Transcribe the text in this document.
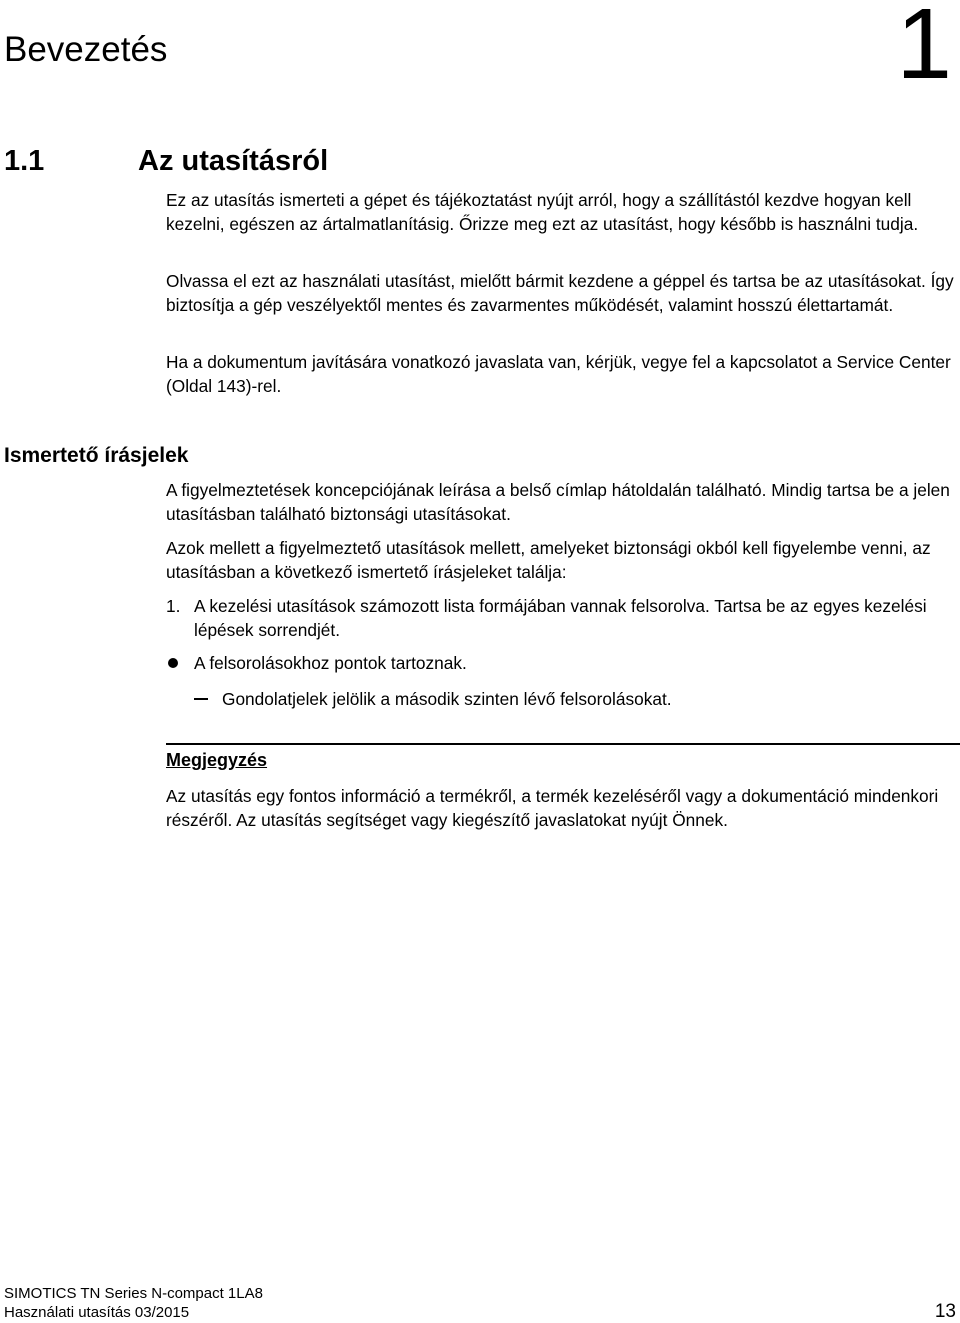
Bevezetés	1
1.1	Az utasításról

Ez az utasítás ismerteti a gépet és tájékoztatást nyújt arról, hogy a szállítástól kezdve hogyan kell kezelni, egészen az ártalmatlanításig. Őrizze meg ezt az utasítást, hogy később is használni tudja.

Olvassa el ezt az használati utasítást, mielőtt bármit kezdene a géppel és tartsa be az utasításokat. Így biztosítja a gép veszélyektől mentes és zavarmentes működését, valamint hosszú élettartamát.

Ha a dokumentum javítására vonatkozó javaslata van, kérjük, vegye fel a kapcsolatot a Service Center (Oldal 143)-rel.

Ismertető írásjelek

A figyelmeztetések koncepciójának leírása a belső címlap hátoldalán található. Mindig tartsa be a jelen utasításban található biztonsági utasításokat.

Azok mellett a figyelmeztető utasítások mellett, amelyeket biztonsági okból kell figyelembe venni, az utasításban a következő ismertető írásjeleket találja:

1. A kezelési utasítások számozott lista formájában vannak felsorolva. Tartsa be az egyes kezelési lépések sorrendjét.

A felsorolásokhoz pontok tartoznak.

Gondolatjelek jelölik a második szinten lévő felsorolásokat.

Megjegyzés

Az utasítás egy fontos információ a termékről, a termék kezeléséről vagy a dokumentáció mindenkori részéről. Az utasítás segítséget vagy kiegészítő javaslatokat nyújt Önnek.

SIMOTICS TN Series N-compact 1LA8

Használati utasítás 03/2015	13
